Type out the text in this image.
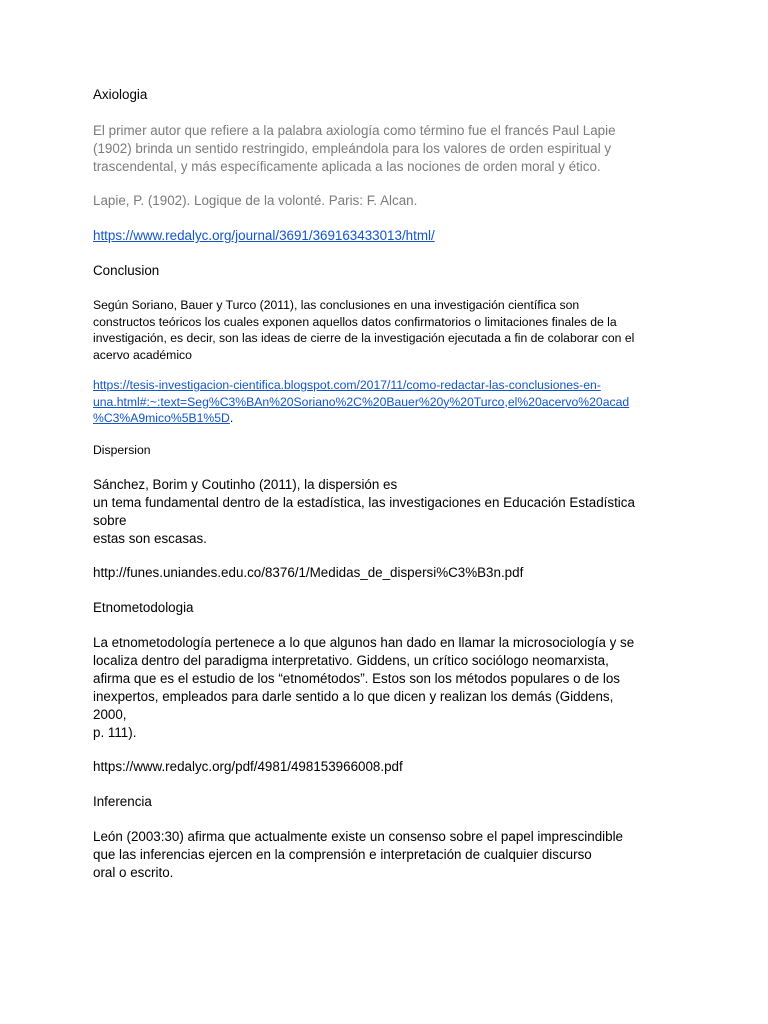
Axiologia

El primer autor que refiere a la palabra axiología como término fue el francés Paul Lapie
(1902) brinda un sentido restringido, empleándola para los valores de orden espiritual y
trascendental, y más específicamente aplicada a las nociones de orden moral y ético.

Lapie, P. (1902). Logique de la volonté. Paris: F. Alcan.

https://www.redalyc.org/journal/3691/369163433013/html/

Conclusion

Según Soriano, Bauer y Turco (2011), las conclusiones en una investigación científica son
constructos teóricos los cuales exponen aquellos datos confirmatorios o limitaciones finales de la
investigación, es decir, son las ideas de cierre de la investigación ejecutada a fin de colaborar con el
acervo académico

https://tesis-investigacion-cientifica.blogspot.com/2017/11/como-redactar-las-conclusiones-en-
una.html#:~:text=Seg%C3%BAn%20Soriano%2C%20Bauer%20y%20Turco,el%20acervo%20acad
%C3%A9mico%5B1%5D.

Dispersion

Sánchez, Borim y Coutinho (2011), la dispersión es
un tema fundamental dentro de la estadística, las investigaciones en Educación Estadística
sobre
estas son escasas.

http://funes.uniandes.edu.co/8376/1/Medidas_de_dispersi%C3%B3n.pdf

Etnometodologia

La etnometodología pertenece a lo que algunos han dado en llamar la microsociología y se
localiza dentro del paradigma interpretativo. Giddens, un crítico sociólogo neomarxista,
afirma que es el estudio de los “etnométodos”. Estos son los métodos populares o de los
inexpertos, empleados para darle sentido a lo que dicen y realizan los demás (Giddens,
2000,
p. 111).

https://www.redalyc.org/pdf/4981/498153966008.pdf

Inferencia

León (2003:30) afirma que actualmente existe un consenso sobre el papel imprescindible
que las inferencias ejercen en la comprensión e interpretación de cualquier discurso
oral o escrito.
